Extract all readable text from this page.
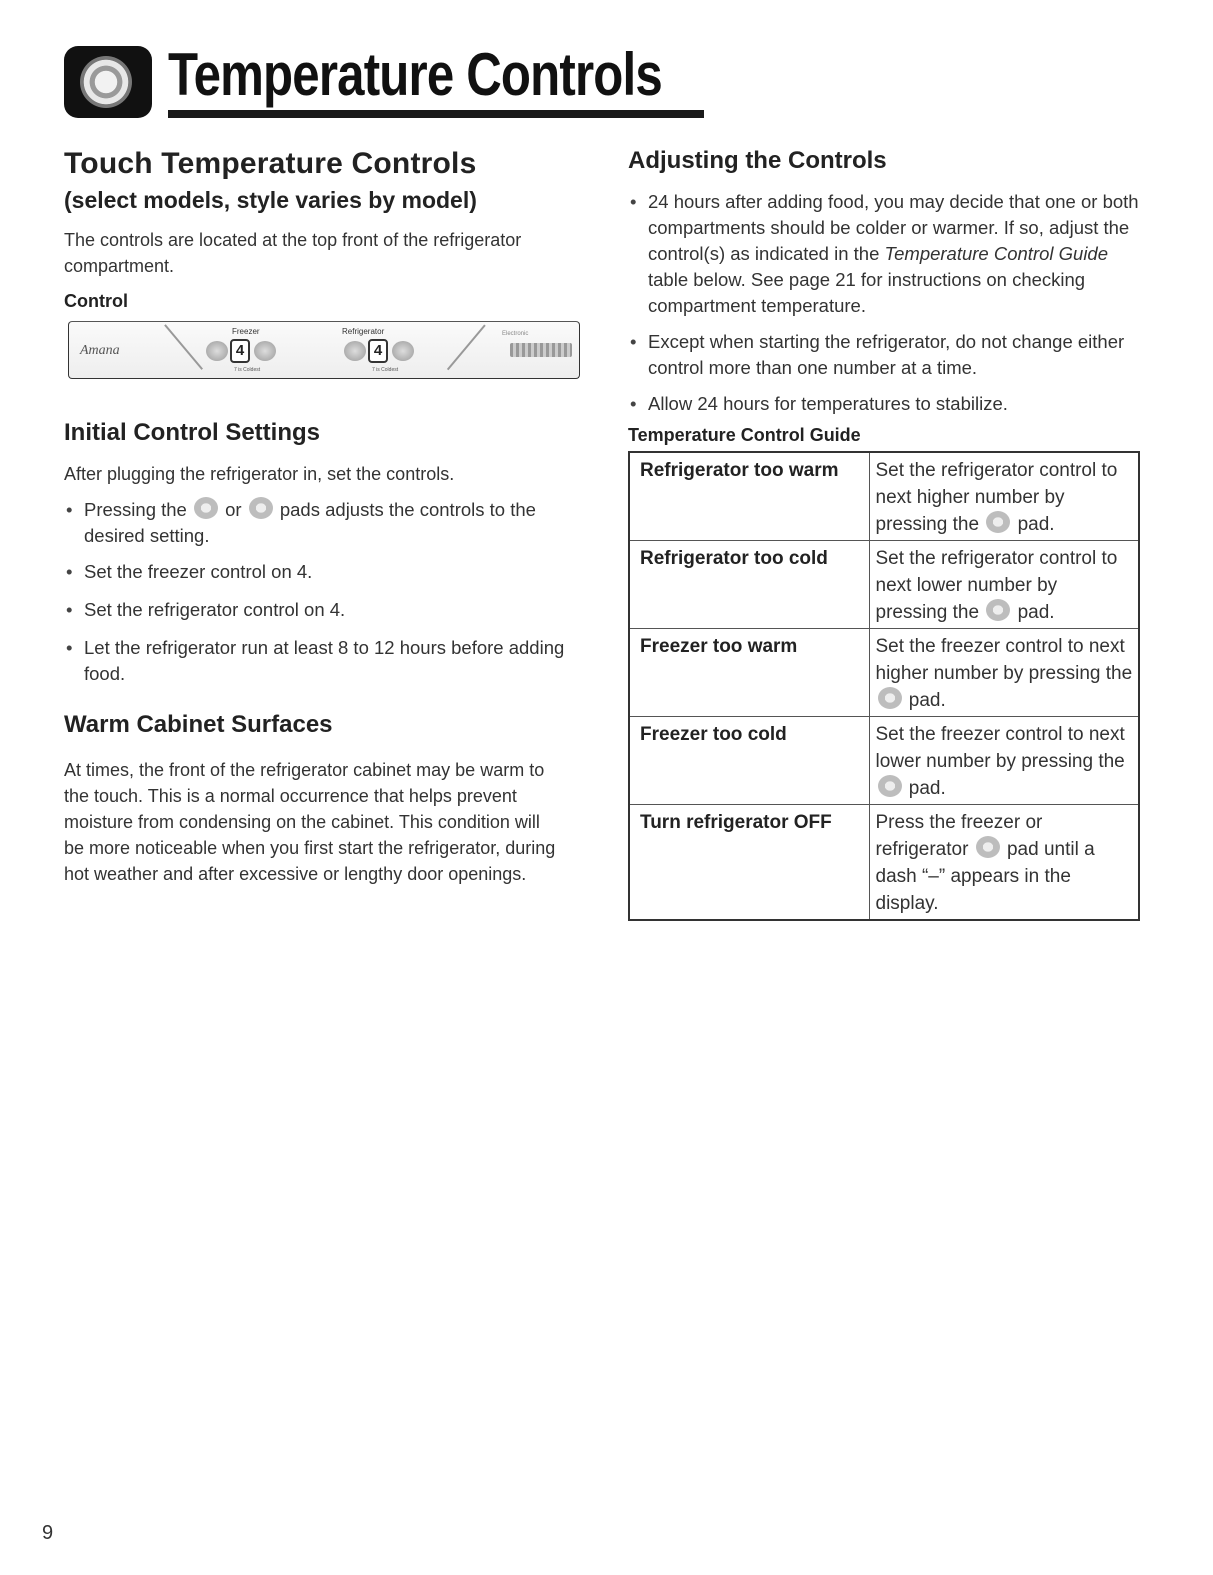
Temperature Controls
Touch Temperature Controls
(select models, style varies by model)

The controls are located at the top front of the refrigerator compartment.

Control
Amana
Freezer	Refrigerator
4
7 is Coldest
4
7 is Coldest
Electronic
Initial Control Settings

After plugging the refrigerator in, set the controls.

• Pressing the or pads adjusts the controls to the desired setting.
• Set the freezer control on 4.
• Set the refrigerator control on 4.
• Let the refrigerator run at least 8 to 12 hours before adding food.
Warm Cabinet Surfaces

At times, the front of the refrigerator cabinet may be warm to the touch. This is a normal occurrence that helps prevent moisture from condensing on the cabinet. This condition will be more noticeable when you first start the refrigerator, during hot weather and after excessive or lengthy door openings.

Adjusting the Controls
• 24 hours after adding food, you may decide that one or both compartments should be colder or warmer. If so, adjust the control(s) as indicated in the Temperature Control Guide table below. See page 21 for instructions on checking compartment temperature.
• Except when starting the refrigerator, do not change either control more than one number at a time.
• Allow 24 hours for temperatures to stabilize.
Temperature Control Guide
Refrigerator too warm	Set the refrigerator control to next higher number by pressing the pad.
Refrigerator too cold	Set the refrigerator control to next lower number by pressing the pad.
Freezer too warm	Set the freezer control to next higher number by pressing the  pad.
Freezer too cold	Set the freezer control to next lower number by pressing the  pad.
Turn refrigerator OFF	Press the freezer or refrigerator pad until a dash “–” appears in the display.
9
